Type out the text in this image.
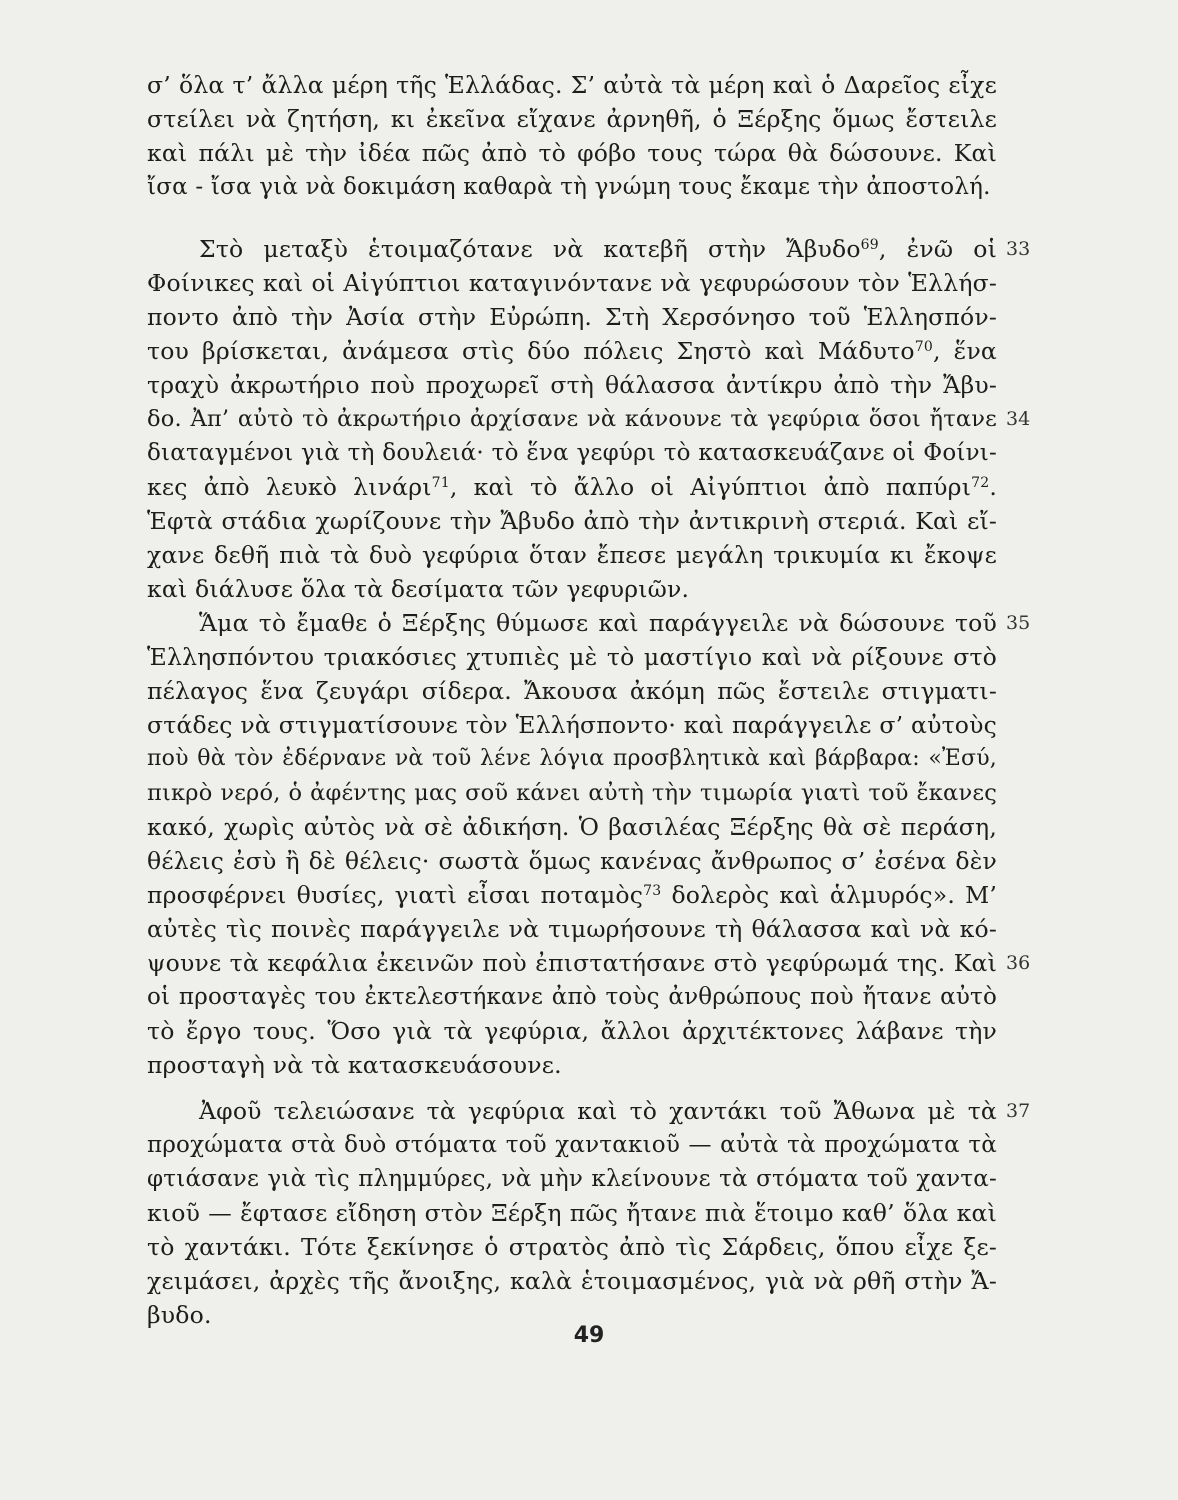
σ’ ὅλα τ’ ἄλλα μέρη τῆς Ἑλλάδας. Σ’ αὐτὰ τὰ μέρη καὶ ὁ Δαρεῖος εἶχε
στείλει νὰ ζητήση, κι ἐκεῖνα εἴχανε ἀρνηθῆ, ὁ Ξέρξης ὅμως ἔστειλε
καὶ πάλι μὲ τὴν ἰδέα πῶς ἀπὸ τὸ φόβο τους τώρα θὰ δώσουνε. Καὶ
ἴσα - ἴσα γιὰ νὰ δοκιμάση καθαρὰ τὴ γνώμη τους ἔκαμε τὴν ἀποστολή.
Στὸ μεταξὺ ἑτοιμαζότανε νὰ κατεβῆ στὴν Ἄβυδο$^{69}$, ἐνῶ οἱ
Φοίνικες καὶ οἱ Αἰγύπτιοι καταγινόντανε νὰ γεφυρώσουν τὸν Ἑλλήσ-
ποντο ἀπὸ τὴν Ἀσία στὴν Εὐρώπη. Στὴ Χερσόνησο τοῦ Ἑλλησπόν-
του βρίσκεται, ἀνάμεσα στὶς δύο πόλεις Σηστὸ καὶ Μάδυτο$^{70}$, ἕνα
τραχὺ ἀκρωτήριο ποὺ προχωρεῖ στὴ θάλασσα ἀντίκρυ ἀπὸ τὴν Ἄβυ-
δο. Ἀπ’ αὐτὸ τὸ ἀκρωτήριο ἀρχίσανε νὰ κάνουνε τὰ γεφύρια ὅσοι ἤτανε
διαταγμένοι γιὰ τὴ δουλειά· τὸ ἕνα γεφύρι τὸ κατασκευάζανε οἱ Φοίνι-
κες ἀπὸ λευκὸ λινάρι$^{71}$, καὶ τὸ ἄλλο οἱ Αἰγύπτιοι ἀπὸ παπύρι$^{72}$.
Ἑφτὰ στάδια χωρίζουνε τὴν Ἄβυδο ἀπὸ τὴν ἀντικρινὴ στεριά. Καὶ εἴ-
χανε δεθῆ πιὰ τὰ δυὸ γεφύρια ὅταν ἔπεσε μεγάλη τρικυμία κι ἔκοψε
καὶ διάλυσε ὅλα τὰ δεσίματα τῶν γεφυριῶν.
Ἅμα τὸ ἔμαθε ὁ Ξέρξης θύμωσε καὶ παράγγειλε νὰ δώσουνε τοῦ
Ἑλλησπόντου τριακόσιες χτυπιὲς μὲ τὸ μαστίγιο καὶ νὰ ρίξουνε στὸ
πέλαγος ἕνα ζευγάρι σίδερα. Ἄκουσα ἀκόμη πῶς ἔστειλε στιγματι-
στάδες νὰ στιγματίσουνε τὸν Ἑλλήσποντο· καὶ παράγγειλε σ’ αὐτοὺς
ποὺ θὰ τὸν ἐδέρνανε νὰ τοῦ λένε λόγια προσβλητικὰ καὶ βάρβαρα: «Ἐσύ,
πικρὸ νερό, ὁ ἀφέντης μας σοῦ κάνει αὐτὴ τὴν τιμωρία γιατὶ τοῦ ἔκανες
κακό, χωρὶς αὐτὸς νὰ σὲ ἀδικήση. Ὁ βασιλέας Ξέρξης θὰ σὲ περάση,
θέλεις ἐσὺ ἢ δὲ θέλεις· σωστὰ ὅμως κανένας ἄνθρωπος σ’ ἐσένα δὲν
προσφέρνει θυσίες, γιατὶ εἶσαι ποταμὸς$^{73}$ δολερὸς καὶ ἁλμυρός». Μ’
αὐτὲς τὶς ποινὲς παράγγειλε νὰ τιμωρήσουνε τὴ θάλασσα καὶ νὰ κό-
ψουνε τὰ κεφάλια ἐκεινῶν ποὺ ἐπιστατήσανε στὸ γεφύρωμά της. Καὶ
οἱ προσταγὲς του ἐκτελεστήκανε ἀπὸ τοὺς ἀνθρώπους ποὺ ἤτανε αὐτὸ
τὸ ἔργο τους. Ὅσο γιὰ τὰ γεφύρια, ἄλλοι ἀρχιτέκτονες λάβανε τὴν
προσταγὴ νὰ τὰ κατασκευάσουνε.
Ἀφοῦ τελειώσανε τὰ γεφύρια καὶ τὸ χαντάκι τοῦ Ἄθωνα μὲ τὰ
προχώματα στὰ δυὸ στόματα τοῦ χαντακιοῦ — αὐτὰ τὰ προχώματα τὰ
φτιάσανε γιὰ τὶς πλημμύρες, νὰ μὴν κλείνουνε τὰ στόματα τοῦ χαντα-
κιοῦ — ἔφτασε εἴδηση στὸν Ξέρξη πῶς ἤτανε πιὰ ἕτοιμο καθ’ ὅλα καὶ
τὸ χαντάκι. Τότε ξεκίνησε ὁ στρατὸς ἀπὸ τὶς Σάρδεις, ὅπου εἶχε ξε-
χειμάσει, ἀρχὲς τῆς ἄνοιξης, καλὰ ἑτοιμασμένος, γιὰ νὰ ρθῆ στὴν Ἄ-
βυδο.
33
34
35
36
37
49
